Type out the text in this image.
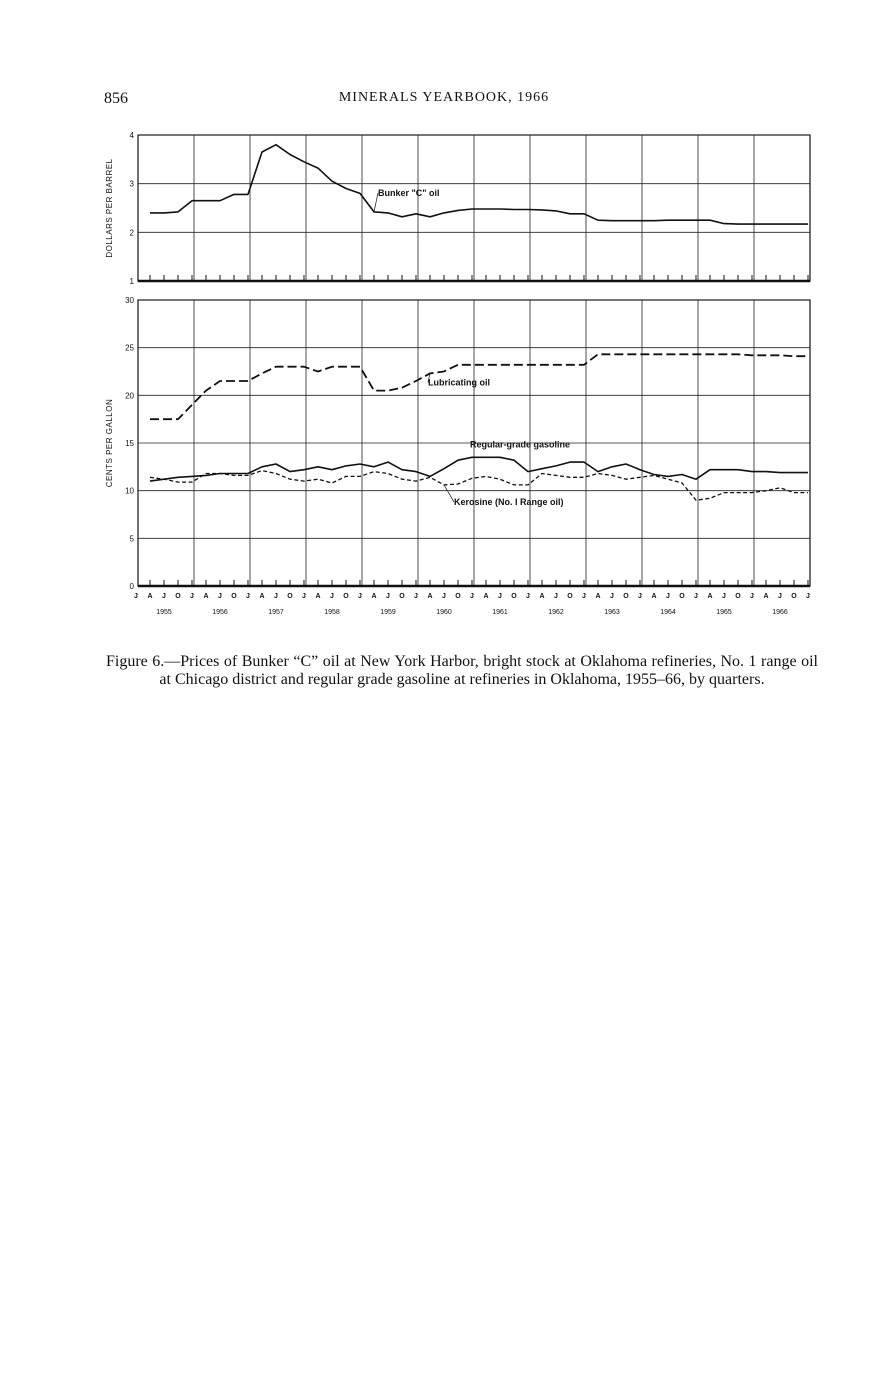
856	MINERALS YEARBOOK, 1966
1
2
3
4
DOLLARS PER BARREL	Bunker "C" oil
0
5
10
15
20
25
30
CENTS PER GALLON
Lubricating oil
Regular-grade gasoline
Kerosine (No. I Range oil)
J A J O J A J O J A J O J A J O J A J O J A J O J A J O J A J O J A J O J A J O J A J O J A J O J
1955	1956	1957	1958	1959	1960	1961	1962	1963	1964	1965	1966
Figure 6.—Prices of Bunker “C” oil at New York Harbor, bright stock at Oklahoma refineries, No. 1 range oil at Chicago district and regular grade gasoline at refineries in Oklahoma, 1955–66, by quarters.
